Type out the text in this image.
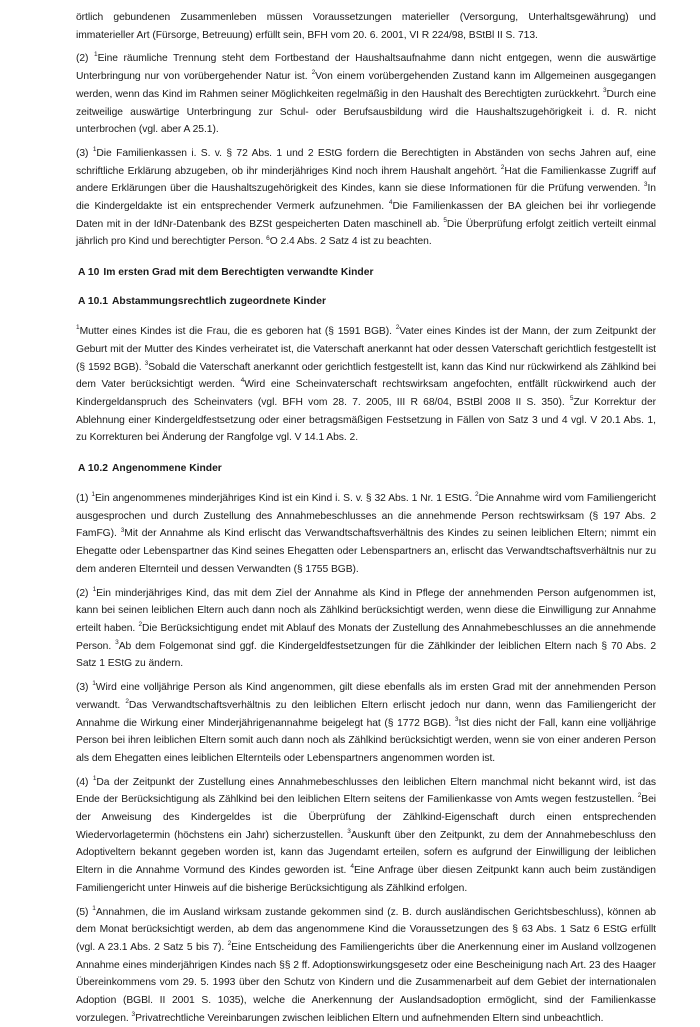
örtlich gebundenen Zusammenleben müssen Voraussetzungen materieller (Versorgung, Unterhaltsgewährung) und immaterieller Art (Fürsorge, Betreuung) erfüllt sein, BFH vom 20. 6. 2001, VI R 224/98, BStBl II S. 713.

(2) $^1$Eine räumliche Trennung steht dem Fortbestand der Haushaltsaufnahme dann nicht entgegen, wenn die auswärtige Unterbringung nur von vorübergehender Natur ist. $^2$Von einem vorübergehenden Zustand kann im Allgemeinen ausgegangen werden, wenn das Kind im Rahmen seiner Möglichkeiten regelmäßig in den Haushalt des Berechtigten zurückkehrt. $^3$Durch eine zeitweilige auswärtige Unterbringung zur Schul- oder Berufsausbildung wird die Haushaltszugehörigkeit i. d. R. nicht unterbrochen (vgl. aber A 25.1).

(3) $^1$Die Familienkassen i. S. v. § 72 Abs. 1 und 2 EStG fordern die Berechtigten in Abständen von sechs Jahren auf, eine schriftliche Erklärung abzugeben, ob ihr minderjähriges Kind noch ihrem Haushalt angehört. $^2$Hat die Familienkasse Zugriff auf andere Erklärungen über die Haushaltszugehörigkeit des Kindes, kann sie diese Informationen für die Prüfung verwenden. $^3$In die Kindergeldakte ist ein entsprechender Vermerk aufzunehmen. $^4$Die Familienkassen der BA gleichen bei ihr vorliegende Daten mit in der IdNr-Datenbank des BZSt gespeicherten Daten maschinell ab. $^5$Die Überprüfung erfolgt zeitlich verteilt einmal jährlich pro Kind und berechtigter Person. $^6$O 2.4 Abs. 2 Satz 4 ist zu beachten.

A 10 Im ersten Grad mit dem Berechtigten verwandte Kinder
A 10.1 Abstammungsrechtlich zugeordnete Kinder

$^1$Mutter eines Kindes ist die Frau, die es geboren hat (§ 1591 BGB). $^2$Vater eines Kindes ist der Mann, der zum Zeitpunkt der Geburt mit der Mutter des Kindes verheiratet ist, die Vaterschaft anerkannt hat oder dessen Vaterschaft gerichtlich festgestellt ist (§ 1592 BGB). $^3$Sobald die Vaterschaft anerkannt oder gerichtlich festgestellt ist, kann das Kind nur rückwirkend als Zählkind bei dem Vater berücksichtigt werden. $^4$Wird eine Scheinvaterschaft rechtswirksam angefochten, entfällt rückwirkend auch der Kindergeldanspruch des Scheinvaters (vgl. BFH vom 28. 7. 2005, III R 68/04, BStBl 2008 II S. 350). $^5$Zur Korrektur der Ablehnung einer Kindergeldfestsetzung oder einer betragsmäßigen Festsetzung in Fällen von Satz 3 und 4 vgl. V 20.1 Abs. 1, zu Korrekturen bei Änderung der Rangfolge vgl. V 14.1 Abs. 2.

A 10.2 Angenommene Kinder

(1) $^1$Ein angenommenes minderjähriges Kind ist ein Kind i. S. v. § 32 Abs. 1 Nr. 1 EStG. $^2$Die Annahme wird vom Familiengericht ausgesprochen und durch Zustellung des Annahmebeschlusses an die annehmende Person rechtswirksam (§ 197 Abs. 2 FamFG). $^3$Mit der Annahme als Kind erlischt das Verwandtschaftsverhältnis des Kindes zu seinen leiblichen Eltern; nimmt ein Ehegatte oder Lebenspartner das Kind seines Ehegatten oder Lebenspartners an, erlischt das Verwandtschaftsverhältnis nur zu dem anderen Elternteil und dessen Verwandten (§ 1755 BGB).

(2) $^1$Ein minderjähriges Kind, das mit dem Ziel der Annahme als Kind in Pflege der annehmenden Person aufgenommen ist, kann bei seinen leiblichen Eltern auch dann noch als Zählkind berücksichtigt werden, wenn diese die Einwilligung zur Annahme erteilt haben. $^2$Die Berücksichtigung endet mit Ablauf des Monats der Zustellung des Annahmebeschlusses an die annehmende Person. $^3$Ab dem Folgemonat sind ggf. die Kindergeldfestsetzungen für die Zählkinder der leiblichen Eltern nach § 70 Abs. 2 Satz 1 EStG zu ändern.

(3) $^1$Wird eine volljährige Person als Kind angenommen, gilt diese ebenfalls als im ersten Grad mit der annehmenden Person verwandt. $^2$Das Verwandtschaftsverhältnis zu den leiblichen Eltern erlischt jedoch nur dann, wenn das Familiengericht der Annahme die Wirkung einer Minderjährigenannahme beigelegt hat (§ 1772 BGB). $^3$Ist dies nicht der Fall, kann eine volljährige Person bei ihren leiblichen Eltern somit auch dann noch als Zählkind berücksichtigt werden, wenn sie von einer anderen Person als dem Ehegatten eines leiblichen Elternteils oder Lebenspartners angenommen worden ist.

(4) $^1$Da der Zeitpunkt der Zustellung eines Annahmebeschlusses den leiblichen Eltern manchmal nicht bekannt wird, ist das Ende der Berücksichtigung als Zählkind bei den leiblichen Eltern seitens der Familienkasse von Amts wegen festzustellen. $^2$Bei der Anweisung des Kindergeldes ist die Überprüfung der Zählkind-Eigenschaft durch einen entsprechenden Wiedervorlagetermin (höchstens ein Jahr) sicherzustellen. $^3$Auskunft über den Zeitpunkt, zu dem der Annahmebeschluss den Adoptiveltern bekannt gegeben worden ist, kann das Jugendamt erteilen, sofern es aufgrund der Einwilligung der leiblichen Eltern in die Annahme Vormund des Kindes geworden ist. $^4$Eine Anfrage über diesen Zeitpunkt kann auch beim zuständigen Familiengericht unter Hinweis auf die bisherige Berücksichtigung als Zählkind erfolgen.

(5) $^1$Annahmen, die im Ausland wirksam zustande gekommen sind (z. B. durch ausländischen Gerichtsbeschluss), können ab dem Monat berücksichtigt werden, ab dem das angenommene Kind die Voraussetzungen des § 63 Abs. 1 Satz 6 EStG erfüllt (vgl. A 23.1 Abs. 2 Satz 5 bis 7). $^2$Eine Entscheidung des Familiengerichts über die Anerkennung einer im Ausland vollzogenen Annahme eines minderjährigen Kindes nach §§ 2 ff. Adoptionswirkungsgesetz oder eine Bescheinigung nach Art. 23 des Haager Übereinkommens vom 29. 5. 1993 über den Schutz von Kindern und die Zusammenarbeit auf dem Gebiet der internationalen Adoption (BGBl. II 2001 S. 1035), welche die Anerkennung der Auslandsadoption ermöglicht, sind der Familienkasse vorzulegen. $^3$Privatrechtliche Vereinbarungen zwischen leiblichen Eltern und aufnehmenden Eltern sind unbeachtlich.
